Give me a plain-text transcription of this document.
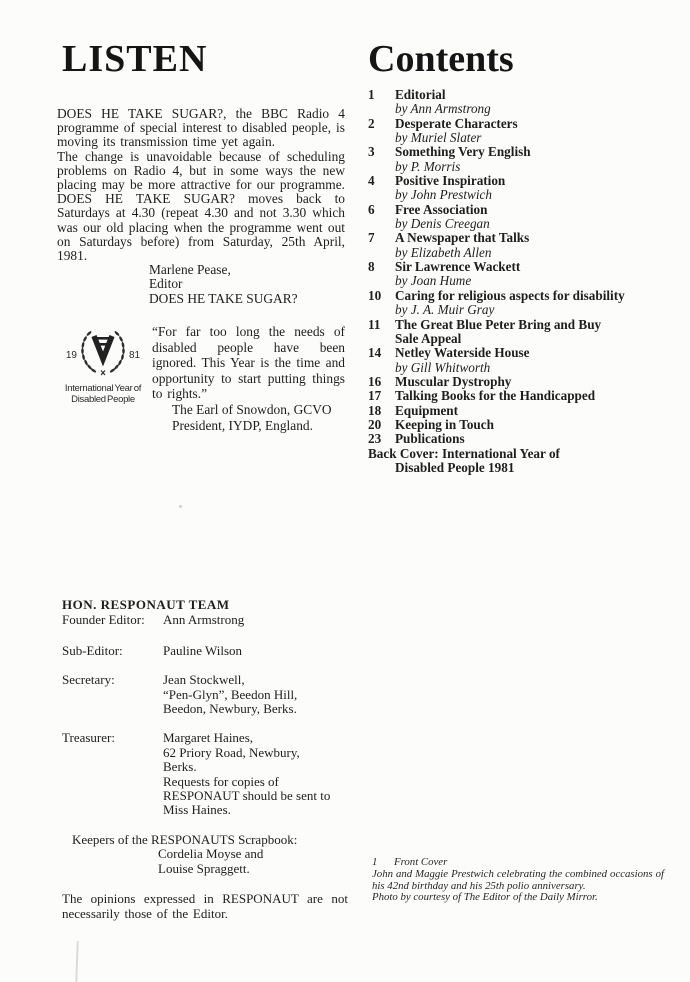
LISTEN

DOES HE TAKE SUGAR?, the BBC Radio 4 programme of special interest to disabled people, is moving its transmission time yet again.

The change is unavoidable because of scheduling problems on Radio 4, but in some ways the new placing may be more attractive for our programme. DOES HE TAKE SUGAR? moves back to Saturdays at 4.30 (repeat 4.30 and not 3.30 which was our old placing when the programme went out on Saturdays before) from Saturday, 25th April, 1981.

Marlene Pease,
Editor
DOES HE TAKE SUGAR?
19	81
International Year of
Disabled People

“For far too long the needs of disabled people have been ignored. This Year is the time and opportunity to start putting things to rights.”

The Earl of Snowdon, GCVO
President, IYDP, England.
Contents
1	Editorial
by Ann Armstrong
2	Desperate Characters
by Muriel Slater
3	Something Very English
by P. Morris
4	Positive Inspiration
by John Prestwich
6	Free Association
by Denis Creegan
7	A Newspaper that Talks
by Elizabeth Allen
8	Sir Lawrence Wackett
by Joan Hume
10	Caring for religious aspects for disability
by J. A. Muir Gray
11	The Great Blue Peter Bring and Buy
Sale Appeal
14	Netley Waterside House
by Gill Whitworth
16	Muscular Dystrophy
17	Talking Books for the Handicapped
18	Equipment
20	Keeping in Touch
23	Publications
Back Cover: International Year of
Disabled People 1981
HON. RESPONAUT TEAM
Founder Editor:	Ann Armstrong
Sub-Editor:	Pauline Wilson
Secretary:	Jean Stockwell,
“Pen-Glyn”, Beedon Hill,
Beedon, Newbury, Berks.
Treasurer:	Margaret Haines,
62 Priory Road, Newbury,
Berks.
Requests for copies of
RESPONAUT should be sent to
Miss Haines.
Keepers of the RESPONAUTS Scrapbook:
Cordelia Moyse and
Louise Spraggett.

The opinions expressed in RESPONAUT are not necessarily those of the Editor.

1	Front Cover

John and Maggie Prestwich celebrating the combined occasions of his 42nd birthday and his 25th polio anniversary.

Photo by courtesy of The Editor of the Daily Mirror.
